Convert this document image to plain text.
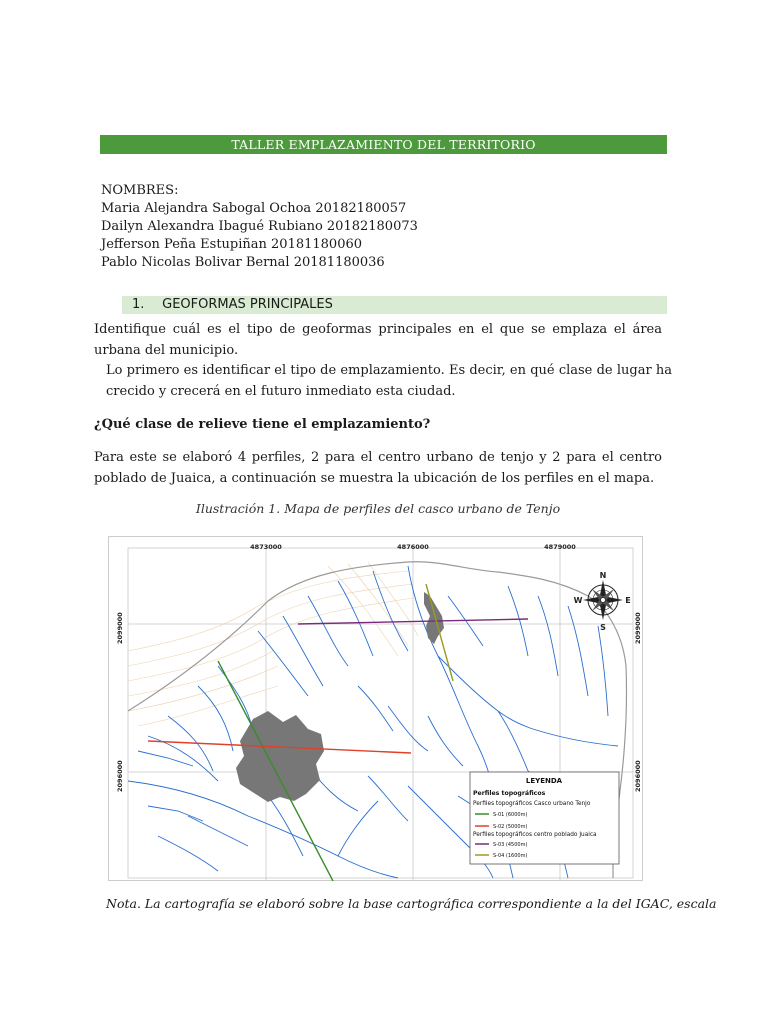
TALLER EMPLAZAMIENTO DEL TERRITORIO
NOMBRES:
Maria Alejandra Sabogal Ochoa 20182180057
Dailyn Alexandra Ibagué Rubiano 20182180073
Jefferson Peña Estupiñan 20181180060
Pablo Nicolas Bolivar Bernal 20181180036
1. GEOFORMAS PRINCIPALES
Identifique cuál es el tipo de geoformas principales en el que se emplaza el área urbana del municipio.
Lo primero es identificar el tipo de emplazamiento. Es decir, en qué clase de lugar ha crecido y crecerá en el futuro inmediato esta ciudad.
¿Qué clase de relieve tiene el emplazamiento?
Para este se elaboró 4 perfiles, 2 para el centro urbano de tenjo y 2 para el centro poblado de Juaica, a continuación se muestra la ubicación de los perfiles en el mapa.
Ilustración 1. Mapa de perfiles del casco urbano de Tenjo
4873000	4876000	4879000
2099000
2096000
2099000
2096000
N
S
E
W
LEYENDA
Perfiles topográficos
Perfiles topográficos Casco urbano Tenjo
S-01 (6000m)
S-02 (5000m)
Perfiles topográficos centro poblado Juaica
S-03 (4500m)
S-04 (1600m)
Nota. La cartografía se elaboró sobre la base cartográfica correspondiente a la del IGAC, escala
